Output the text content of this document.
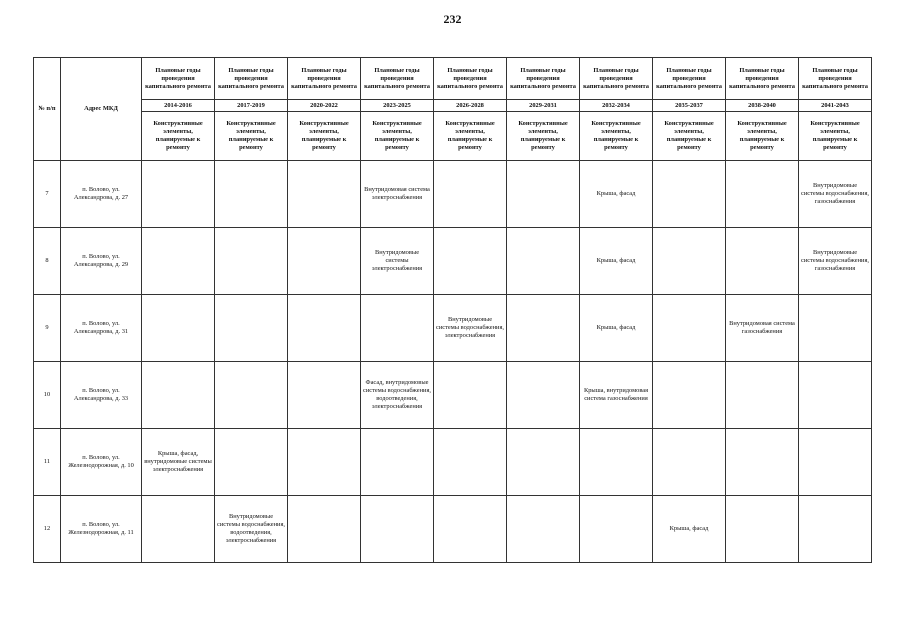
232
№ п/п	Адрес МКД	Плановые годы проведения капитального ремонта	Плановые годы проведения капитального ремонта	Плановые годы проведения капитального ремонта	Плановые годы проведения капитального ремонта	Плановые годы проведения капитального ремонта	Плановые годы проведения капитального ремонта	Плановые годы проведения капитального ремонта	Плановые годы проведения капитального ремонта	Плановые годы проведения капитального ремонта	Плановые годы проведения капитального ремонта
		2014-2016	2017-2019	2020-2022	2023-2025	2026-2028	2029-2031	2032-2034	2035-2037	2038-2040	2041-2043
		Конструктивные элементы, планируемые к ремонту	Конструктивные элементы, планируемые к ремонту	Конструктивные элементы, планируемые к ремонту	Конструктивные элементы, планируемые к ремонту	Конструктивные элементы, планируемые к ремонту	Конструктивные элементы, планируемые к ремонту	Конструктивные элементы, планируемые к ремонту	Конструктивные элементы, планируемые к ремонту	Конструктивные элементы, планируемые к ремонту	Конструктивные элементы, планируемые к ремонту
7	п. Волово, ул. Александрова, д. 27				Внутридомовая система электроснабжения			Крыша, фасад			Внутридомовые системы водоснабжения, газоснабжения
8	п. Волово, ул. Александрова, д. 29				Внутридомовые системы электроснабжения			Крыша, фасад			Внутридомовые системы водоснабжения, газоснабжения
9	п. Волово, ул. Александрова, д. 31					Внутридомовые системы водоснабжения, электроснабжения		Крыша, фасад		Внутридомовая система газоснабжения	
10	п. Волово, ул. Александрова, д. 33				Фасад, внутридомовые системы водоснабжения, водоотведения, электроснабжения			Крыша, внутридомовая система газоснабжения			
11	п. Волово, ул. Железнодорожная, д. 10	Крыша, фасад, внутридомовые системы электроснабжения									
12	п. Волово, ул. Железнодорожная, д. 11		Внутридомовые системы водоснабжения, водоотведения, электроснабжения						Крыша, фасад		
